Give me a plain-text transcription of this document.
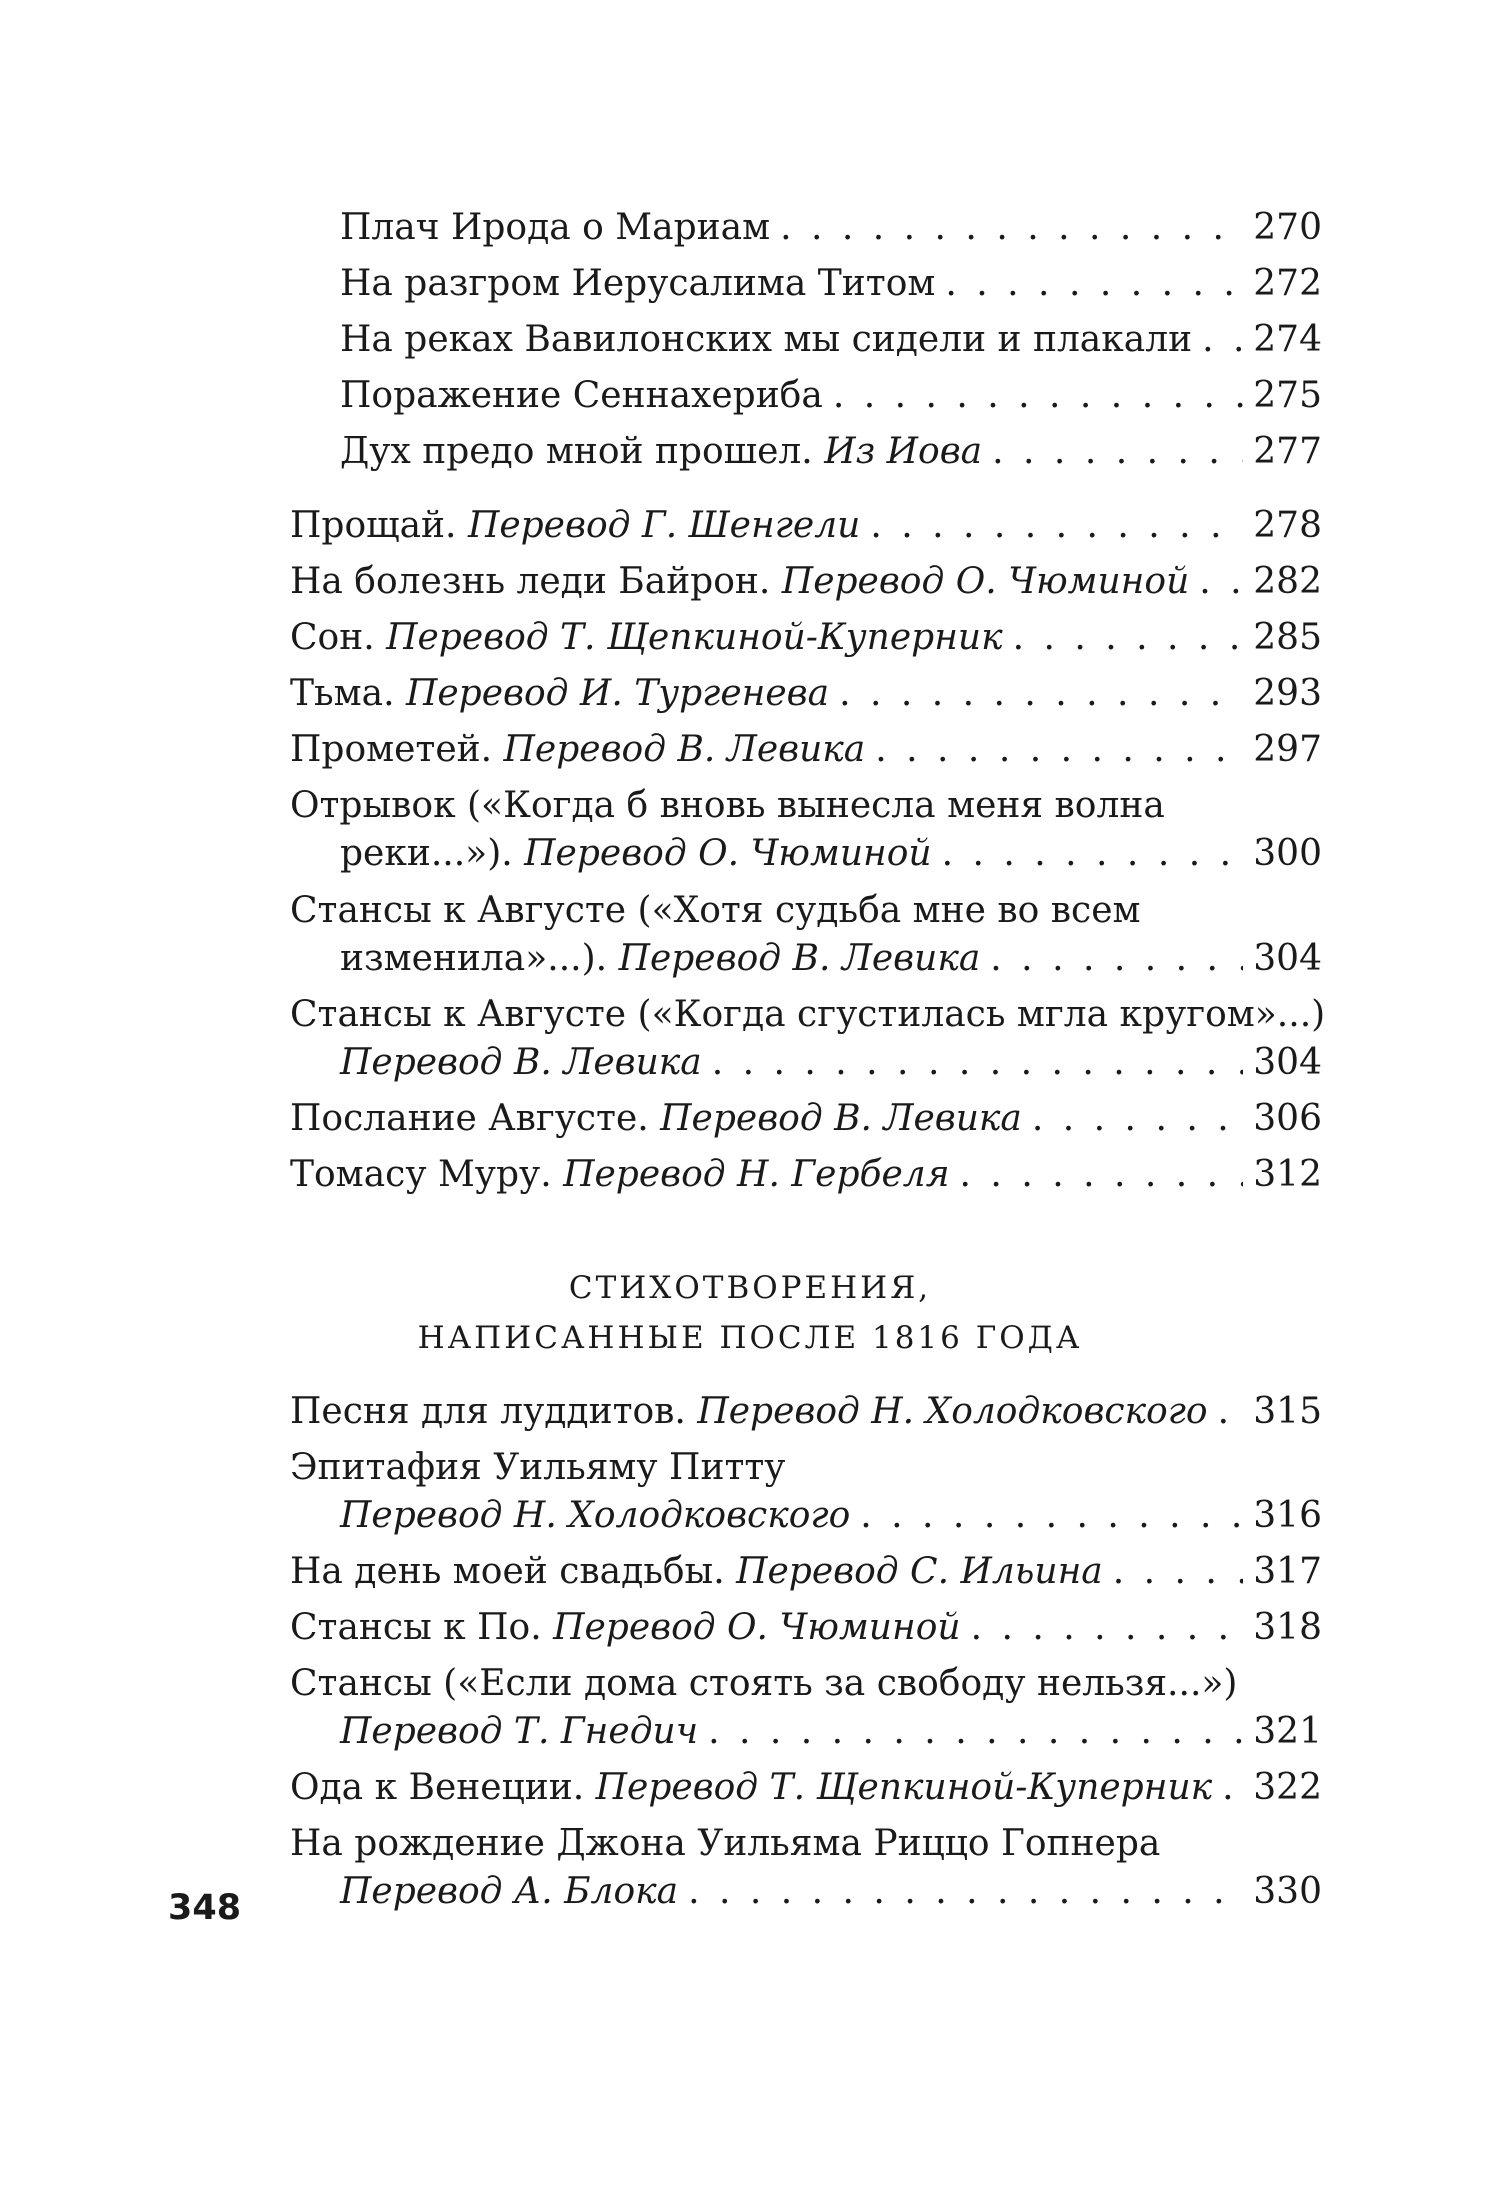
Плач Ирода о Мариам . . .	270
На разгром Иерусалима Титом . . .	272
На реках Вавилонских мы сидели и плакали . . . 274
Поражение Сеннахериба . . .	275
Дух предо мной прошел. Из Иова . . .	277
Прощай. Перевод Г. Шенгели . . .	278
На болезнь леди Байрон. Перевод О. Чюминой . . . 282
Сон. Перевод Т. Щепкиной-Куперник . . .	285
Тьма. Перевод И. Тургенева . . .	293
Прометей. Перевод В. Левика . . .	297
Отрывок («Когда б вновь вынесла меня волна
реки...»). Перевод О. Чюминой . . .	300
Стансы к Августе («Хотя судьба мне во всем
изменила»...). Перевод В. Левика . . .	304
Стансы к Августе («Когда сгустилась мгла кругом»...)
Перевод В. Левика . . .	304
Послание Августе. Перевод В. Левика . . .	306
Томасу Муру. Перевод Н. Гербеля . . .	312
СТИХОТВОРЕНИЯ,
НАПИСАННЫЕ ПОСЛЕ 1816 ГОДА
Песня для луддитов. Перевод Н. Холодковского . . . 315
Эпитафия Уильяму Питту
Перевод Н. Холодковского . . .	316
На день моей свадьбы. Перевод С. Ильина . . .	317
Стансы к По. Перевод О. Чюминой . . .	318
Стансы («Если дома стоять за свободу нельзя...»)
Перевод Т. Гнедич . . .	321
Ода к Венеции. Перевод Т. Щепкиной-Куперник . . . 322
На рождение Джона Уильяма Риццо Гопнера
Перевод А. Блока . . .	330
348
